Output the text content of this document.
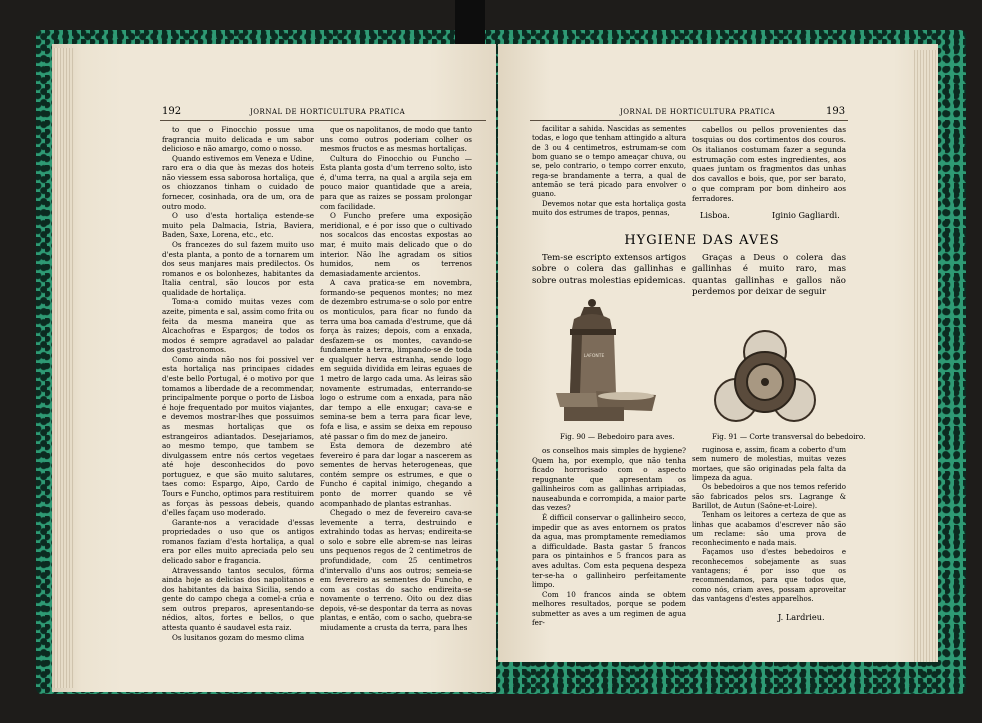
192	JORNAL DE HORTICULTURA PRATICA

to que o Finocchio possue uma fragrancia muito delicada e um sabor delicioso e não amargo, como o nosso.

Quando estivemos em Veneza e Udine, raro era o dia que às mezas dos hoteis não viessem essa saborosa hortaliça, que os chiozzanos tinham o cuidado de fornecer, cosinhada, ora de um, ora de outro modo.

O uso d'esta hortaliça estende-se muito pela Dalmacia, Istria, Baviera, Baden, Saxe, Lorena, etc., etc.

Os francezes do sul fazem muito uso d'esta planta, a ponto de a tornarem um dos seus manjares mais predilectos. Os romanos e os bolonhezes, habitantes da Italia central, são loucos por esta qualidade de hortaliça.

Toma-a comido muitas vezes com azeite, pimenta e sal, assim como frita ou feita da mesma maneira que as Alcachofras e Espargos; de todos os modos é sempre agradavel ao paladar dos gastronomos.

Como ainda não nos foi possivel ver esta hortaliça nas principaes cidades d'este bello Portugal, é o motivo por que tomamos a liberdade de a recommendar, principalmente porque o porto de Lisboa é hoje frequentado por muitos viajantes, e devemos mostrar-lhes que possuimos as mesmas hortaliças que os estrangeiros adiantados. Desejariamos, ao mesmo tempo, que tambem se divulgassem entre nós certos vegetaes até hoje desconhecidos do povo portuguez, e que são muito salutares, taes como: Espargo, Aipo, Cardo de Tours e Funcho, optimos para restituirem as forças às pessoas debeis, quando d'elles façam uso moderado.

Garante-nos a veracidade d'essas propriedades o uso que os antigos romanos faziam d'esta hortaliça, a qual era por elles muito apreciada pelo seu delicado sabor e fragancia.

Atravessando tantos seculos, fórma ainda hoje as delicias dos napolitanos e dos habitantes da baixa Sicilia, sendo a gente do campo chega a comel-a crúa e sem outros preparos, apresentando-se nédios, altos, fortes e bellos, o que attesta quanto é saudavel esta raiz.

Os lusitanos gozam do mesmo clima

que os napolitanos, de modo que tanto uns como outros poderiam colher os mesmos fructos e as mesmas hortaliças.

Cultura do Finocchio ou Funcho — Esta planta gosta d'um terreno solto, isto é, d'uma terra, na qual a argila seja em pouco maior quantidade que a areia, para que as raizes se possam prolongar com facilidade.

O Funcho prefere uma exposição meridional, e é por isso que o cultivado nos socalcos das encostas expostas ao mar, é muito mais delicado que o do interior. Não lhe agradam os sitios humidos, nem os terrenos demasiadamente arcientos.

A cava pratica-se em novembra, formando-se pequenos montes; no mez de dezembro estruma-se o solo por entre os monticulos, para ficar no fundo da terra uma boa camada d'estrume, que dá força às raizes; depois, com a enxada, desfazem-se os montes, cavando-se fundamente a terra, limpando-se de toda e qualquer herva estranha, sendo logo em seguida dividida em leiras eguaes de 1 metro de largo cada uma. As leiras são novamente estrumadas, enterrando-se logo o estrume com a enxada, para não dar tempo a elle enxugar; cava-se e semina-se bem a terra para ficar leve, fofa e lisa, e assim se deixa em repouso até passar o fim do mez de janeiro.

Esta demora de dezembro até fevereiro é para dar logar a nascerem as sementes de hervas heterogeneas, que contém sempre os estrumes, e que o Funcho é capital inimigo, chegando a ponto de morrer quando se vê acompanhado de plantas estranhas.

Chegado o mez de fevereiro cava-se levemente a terra, destruindo e extrahindo todas as hervas; endireita-se o solo e sobre elle abrem-se nas leiras uns pequenos regos de 2 centimetros de profundidade, com 25 centimetros d'intervallo d'uns aos outros; semeia-se em fevereiro as sementes do Funcho, e com as costas do sacho endireita-se novamente o terreno. Oito ou dez dias depois, vê-se despontar da terra as novas plantas, e então, com o sacho, quebra-se miudamente a crusta da terra, para lhes

JORNAL DE HORTICULTURA PRATICA	193

facilitar a sahida. Nascidas as sementes todas, e logo que tenham attingido a altura de 3 ou 4 centimetros, estrumam-se com bom guano se o tempo ameaçar chuva, ou se, pelo contrario, o tempo correr enxuto, rega-se brandamente a terra, a qual de antemão se terá picado para envolver o guano.

Devemos notar que esta hortaliça gosta muito dos estrumes de trapos, pennas,

cabellos ou pellos provenientes das tosquias ou dos cortimentos dos couros. Os italianos costumam fazer a segunda estrumação com estes ingredientes, aos quaes juntam os fragmentos das unhas dos cavallos e bois, que, por ser barato, o que compram por bom dinheiro aos ferradores.

Lisboa.	Iginio Gagliardi.
HYGIENE DAS AVES

Tem-se escripto extensos artigos sobre o colera das gallinhas e sobre outras molestias epidemicas.

Graças a Deus o colera das gallinhas é muito raro, mas quantas gallinhas e gallos não perdemos por deixar de seguir

LAFONTE
Fig. 90 — Bebedoiro para aves.	Fig. 91 — Corte transversal do bebedoiro.

os conselhos mais simples de hygiene? Quem ha, por exemplo, que não tenha ficado horrorisado com o aspecto repugnante que apresentam os gallinheiros com as gallinhas arripiadas, nauseabunda e corrompida, a maior parte das vezes?

É difficil conservar o gallinheiro secco, impedir que as aves entornem os pratos da agua, mas promptamente remediamos a difficuldade. Basta gastar 5 francos para os pintainhos e 5 francos para as aves adultas. Com esta pequena despeza ter-se-ha o gallinheiro perfeitamente limpo.

Com 10 francos ainda se obtem melhores resultados, porque se podem submetter as aves a um regimen de agua fer-

ruginosa e, assim, ficam a coberto d'um sem numero de molestias, muitas vezes mortaes, que são originadas pela falta da limpeza da agua.

Os bebedoiros a que nos temos referido são fabricados pelos srs. Lagrange & Barillot, de Autun (Saône-et-Loire).

Tenham os leitores a certeza de que as linhas que acabamos d'escrever não são um reclame: são uma prova de reconhecimento e nada mais.

Façamos uso d'estes bebedoiros e reconhecemos sobejamente as suas vantagens; é por isso que os recommendamos, para que todos que, como nós, criam aves, possam aproveitar das vantagens d'estes apparelhos.

J. Lardrieu.
